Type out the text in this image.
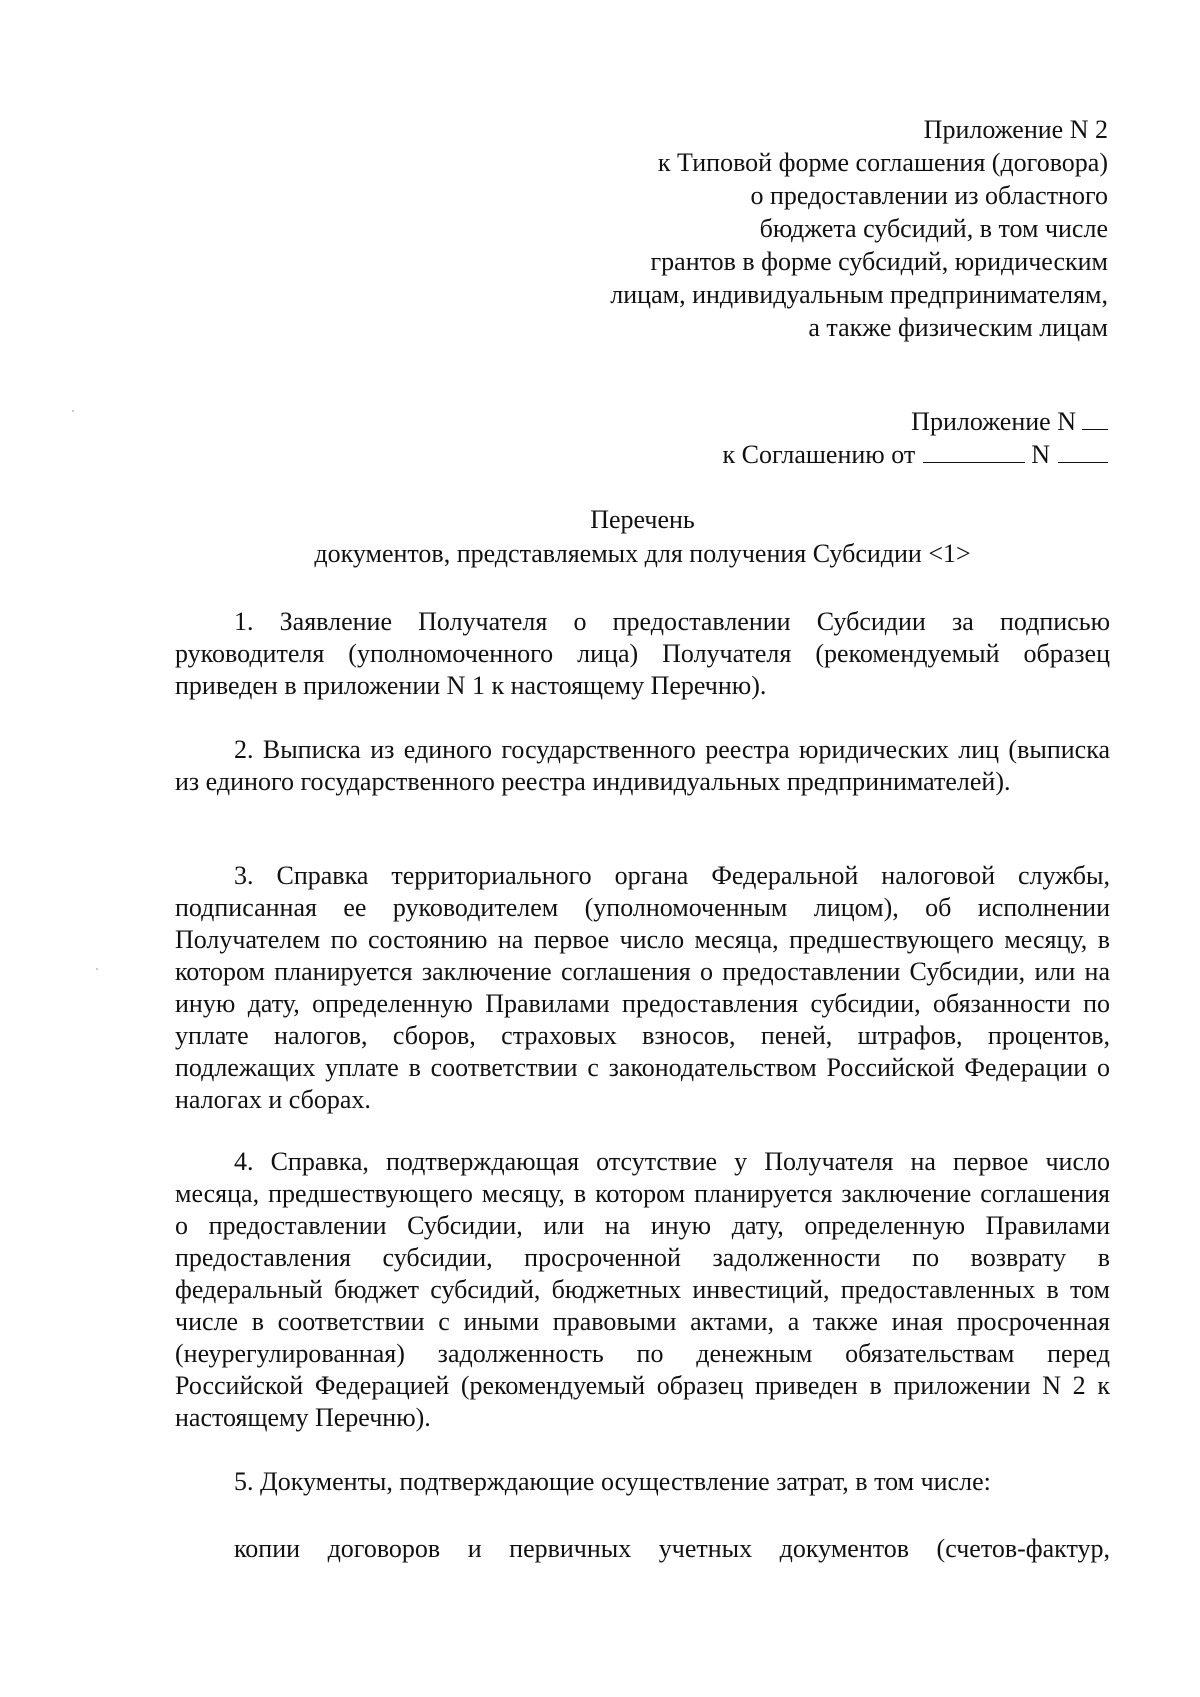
Приложение N 2
к Типовой форме соглашения (договора)
о предоставлении из областного
бюджета субсидий, в том числе
грантов в форме субсидий, юридическим
лицам, индивидуальным предпринимателям,
а также физическим лицам
Приложение N
к Соглашению от	N
Перечень
документов, представляемых для получения Субсидии <1>

1. Заявление Получателя о предоставлении Субсидии за подписью руководителя (уполномоченного лица) Получателя (рекомендуемый образец приведен в приложении N 1 к настоящему Перечню).

2. Выписка из единого государственного реестра юридических лиц (выписка из единого государственного реестра индивидуальных предпринимателей).

3. Справка территориального органа Федеральной налоговой службы, подписанная ее руководителем (уполномоченным лицом), об исполнении Получателем по состоянию на первое число месяца, предшествующего месяцу, в котором планируется заключение соглашения о предоставлении Субсидии, или на иную дату, определенную Правилами предоставления субсидии, обязанности по уплате налогов, сборов, страховых взносов, пеней, штрафов, процентов, подлежащих уплате в соответствии с законодательством Российской Федерации о налогах и сборах.

4. Справка, подтверждающая отсутствие у Получателя на первое число месяца, предшествующего месяцу, в котором планируется заключение соглашения о предоставлении Субсидии, или на иную дату, определенную Правилами предоставления субсидии, просроченной задолженности по возврату в федеральный бюджет субсидий, бюджетных инвестиций, предоставленных в том числе в соответствии с иными правовыми актами, а также иная просроченная (неурегулированная) задолженность по денежным обязательствам перед Российской Федерацией (рекомендуемый образец приведен в приложении N 2 к настоящему Перечню).

5. Документы, подтверждающие осуществление затрат, в том числе:

копии договоров и первичных учетных документов (счетов-фактур,
